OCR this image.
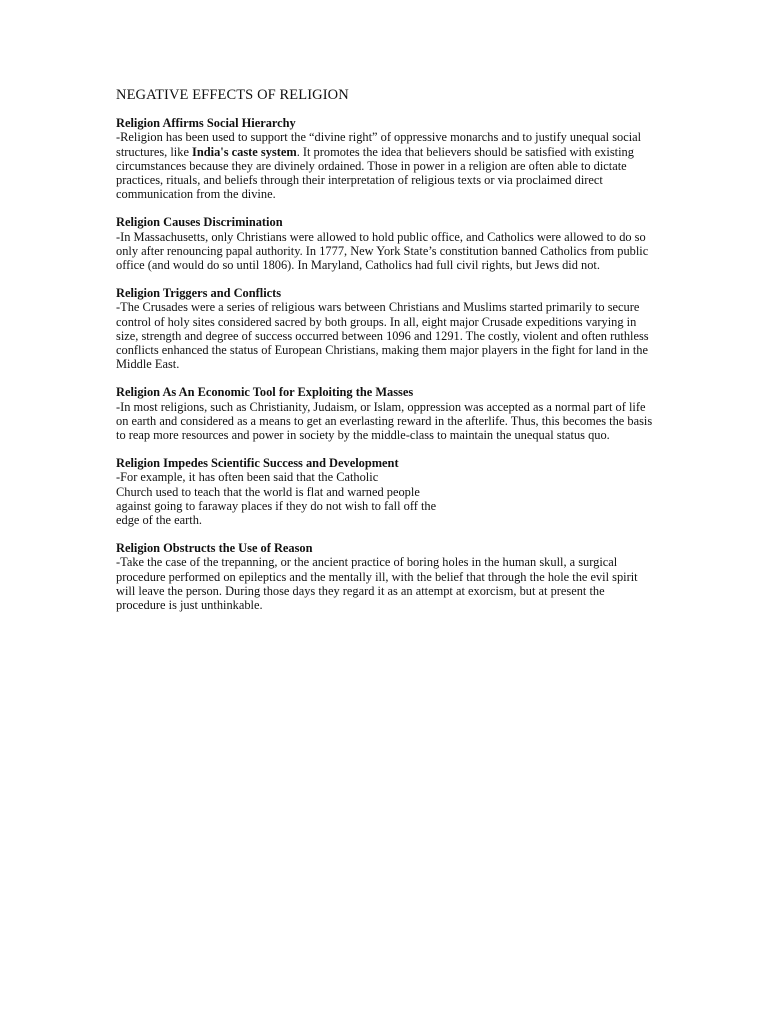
NEGATIVE EFFECTS OF RELIGION

Religion Affirms Social Hierarchy

-Religion has been used to support the “divine right” of oppressive monarchs and to justify unequal social structures, like India's caste system. It promotes the idea that believers should be satisfied with existing circumstances because they are divinely ordained. Those in power in a religion are often able to dictate practices, rituals, and beliefs through their interpretation of religious texts or via proclaimed direct communication from the divine.

Religion Causes Discrimination

-In Massachusetts, only Christians were allowed to hold public office, and Catholics were allowed to do so only after renouncing papal authority. In 1777, New York State’s constitution banned Catholics from public office (and would do so until 1806). In Maryland, Catholics had full civil rights, but Jews did not.

Religion Triggers and Conflicts

-The Crusades were a series of religious wars between Christians and Muslims started primarily to secure control of holy sites considered sacred by both groups. In all, eight major Crusade expeditions varying in size, strength and degree of success occurred between 1096 and 1291. The costly, violent and often ruthless conflicts enhanced the status of European Christians, making them major players in the fight for land in the Middle East.

Religion As An Economic Tool for Exploiting the Masses

-In most religions, such as Christianity, Judaism, or Islam, oppression was accepted as a normal part of life on earth and considered as a means to get an everlasting reward in the afterlife. Thus, this becomes the basis to reap more resources and power in society by the middle-class to maintain the unequal status quo.

Religion Impedes Scientific Success and Development

-For example, it has often been said that the Catholic
Church used to teach that the world is flat and warned people
against going to faraway places if they do not wish to fall off the
edge of the earth.

Religion Obstructs the Use of Reason

-Take the case of the trepanning, or the ancient practice of boring holes in the human skull, a surgical procedure performed on epileptics and the mentally ill, with the belief that through the hole the evil spirit will leave the person. During those days they regard it as an attempt at exorcism, but at present the procedure is just unthinkable.
